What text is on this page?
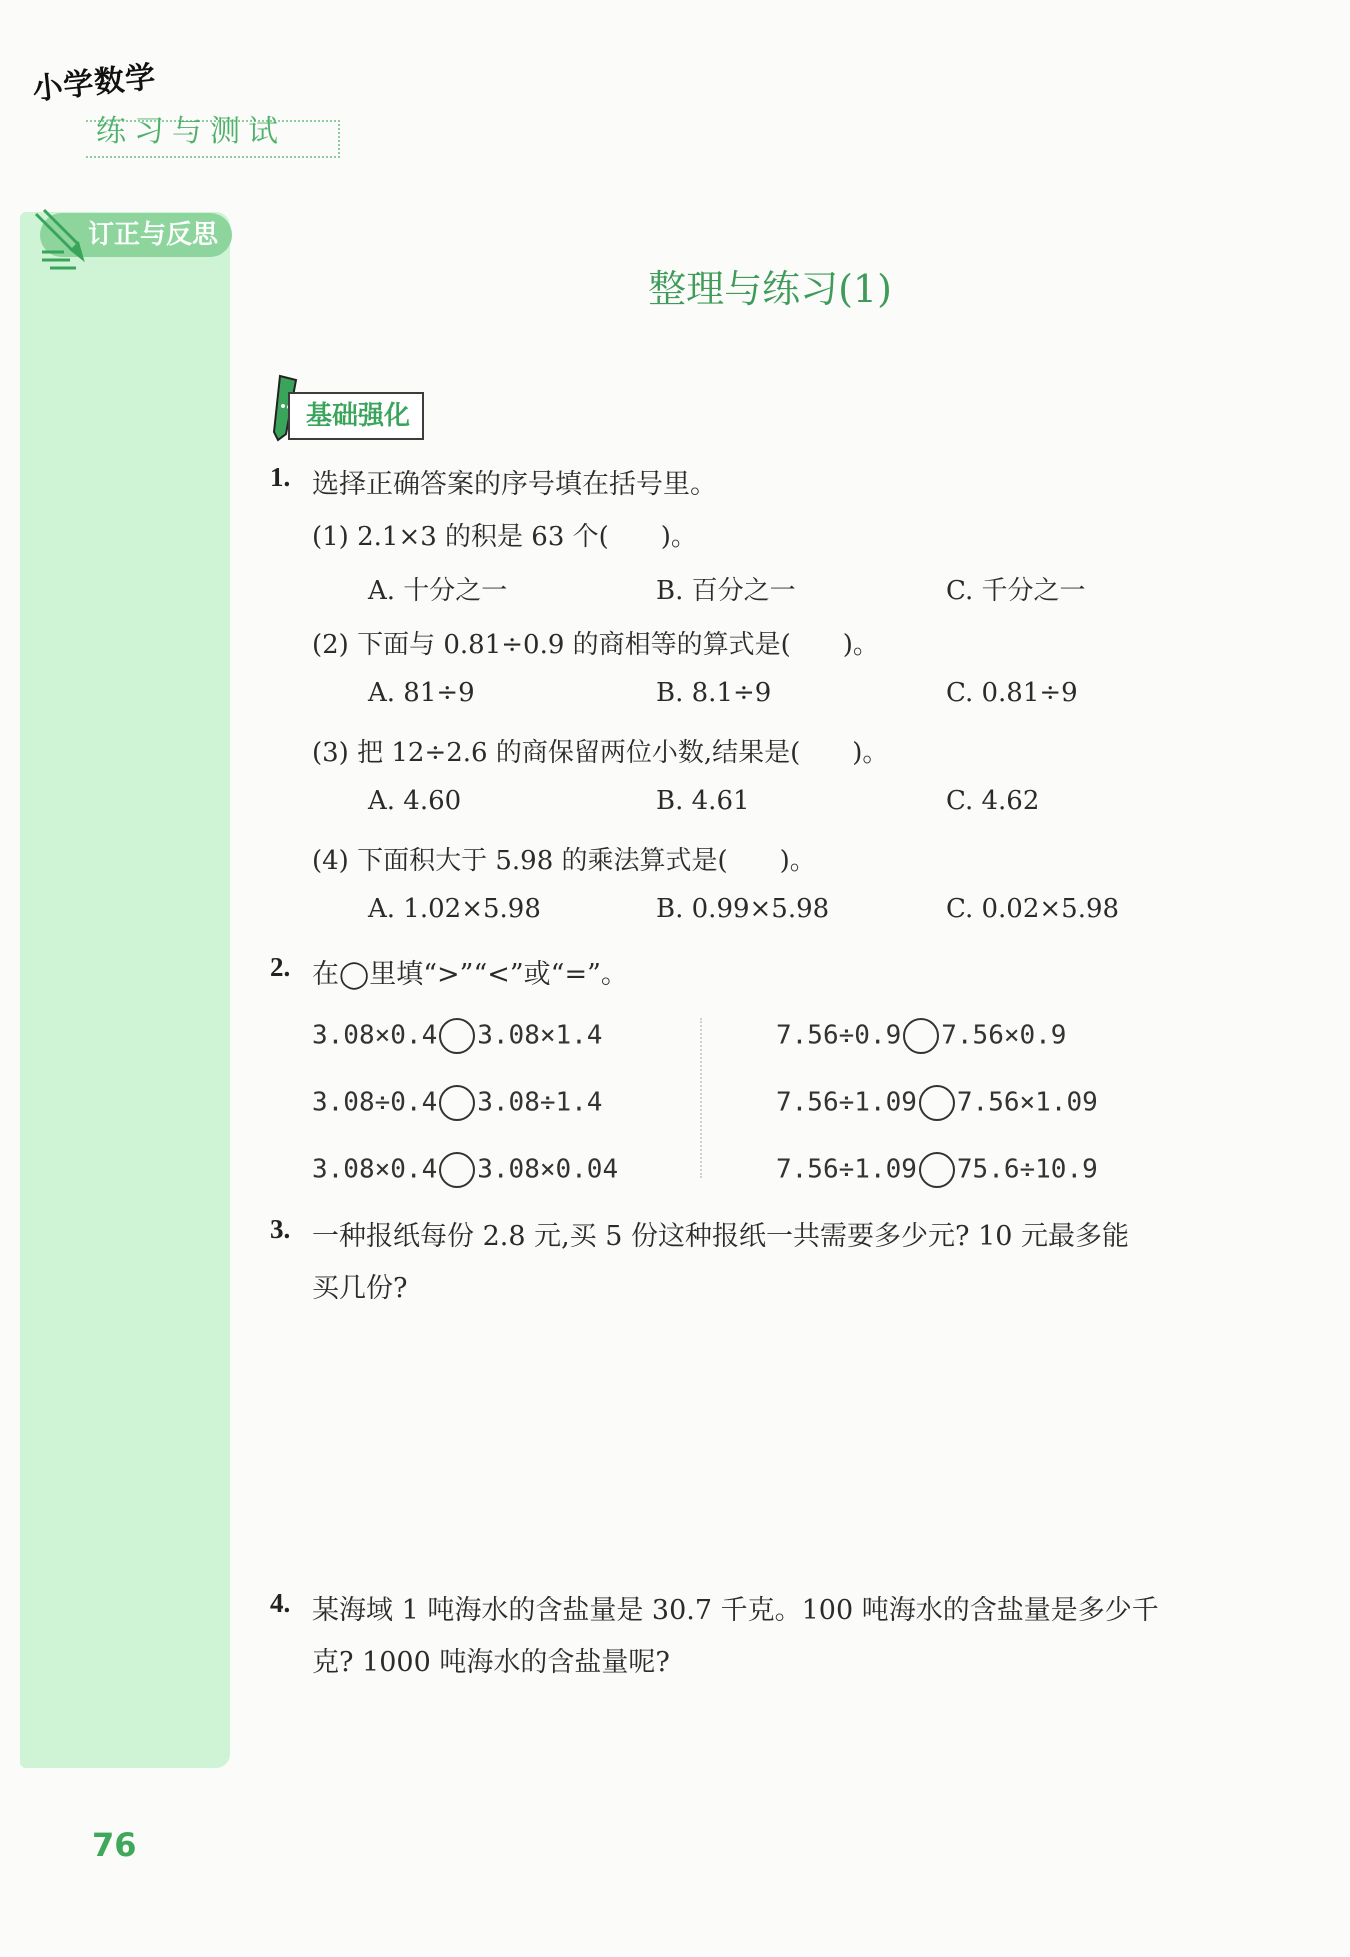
小学数学
练习与测试
订正与反思
整理与练习(1)
基础强化
1. 选择正确答案的序号填在括号里。
(1) 2.1×3 的积是 63 个(　　)。
A. 十分之一	B. 百分之一	C. 千分之一
(2) 下面与 0.81÷0.9 的商相等的算式是(　　)。
A. 81÷9	B. 8.1÷9	C. 0.81÷9
(3) 把 12÷2.6 的商保留两位小数,结果是(　　)。
A. 4.60	B. 4.61	C. 4.62
(4) 下面积大于 5.98 的乘法算式是(　　)。
A. 1.02×5.98	B. 0.99×5.98	C. 0.02×5.98
2. 在◯里填“>”“<”或“=”。
3.08×0.4 3.08×1.4
3.08÷0.4 3.08÷1.4
3.08×0.4 3.08×0.04
7.56÷0.9 7.56×0.9
7.56÷1.09 7.56×1.09
7.56÷1.09 75.6÷10.9
3. 一种报纸每份 2.8 元,买 5 份这种报纸一共需要多少元? 10 元最多能
买几份?
4. 某海域 1 吨海水的含盐量是 30.7 千克。100 吨海水的含盐量是多少千
克? 1000 吨海水的含盐量呢?
76
